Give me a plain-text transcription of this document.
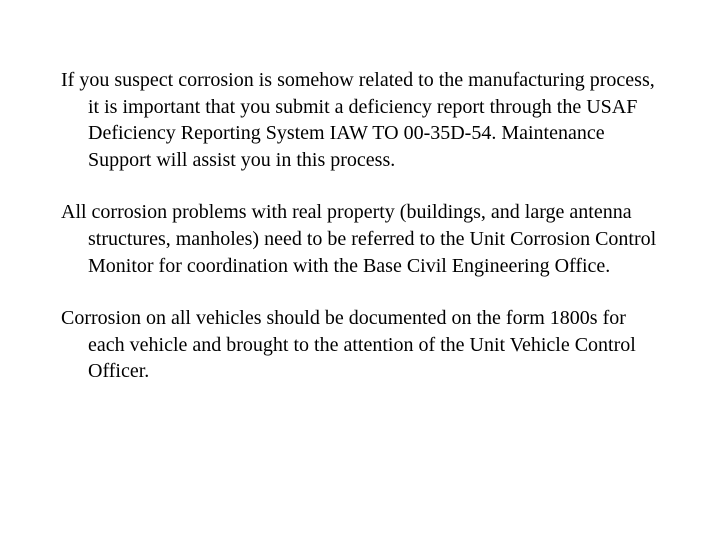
If you suspect corrosion is somehow related to the manufacturing process, it is important that you submit a deficiency report through the USAF Deficiency Reporting System IAW TO 00-35D-54. Maintenance Support will assist you in this process.

All corrosion problems with real property (buildings, and large antenna structures, manholes) need to be referred to the Unit Corrosion Control Monitor for coordination with the Base Civil Engineering Office.

Corrosion on all vehicles should be documented on the form 1800s for each vehicle and brought to the attention of the Unit Vehicle Control Officer.
